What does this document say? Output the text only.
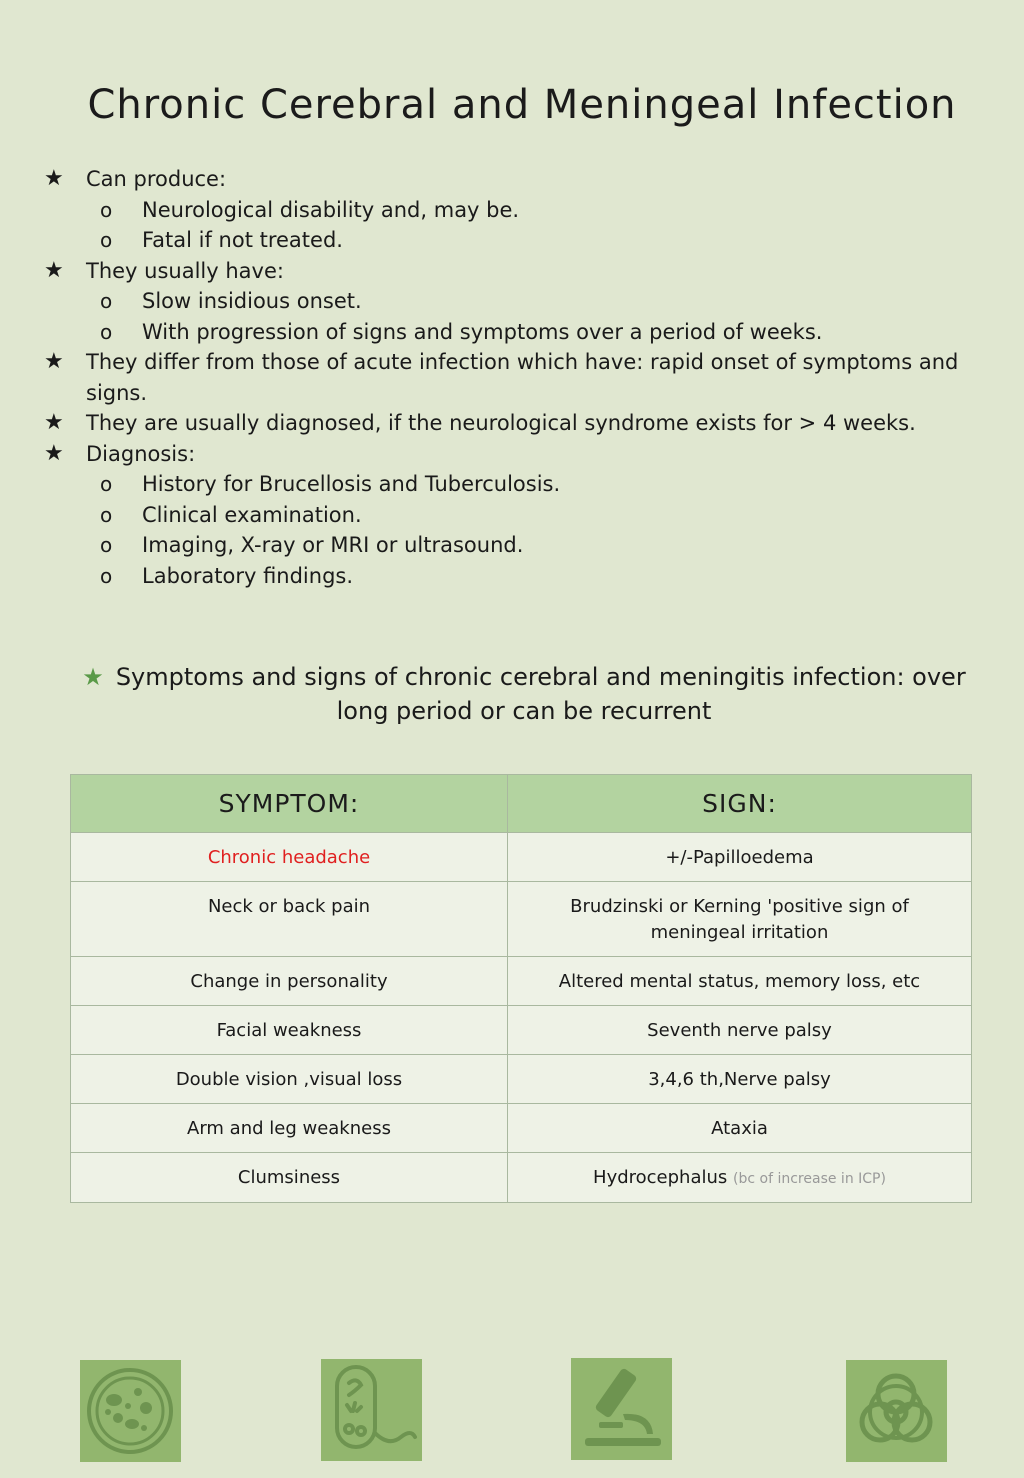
Chronic Cerebral and Meningeal Infection
★ Can produce:
o Neurological disability and, may be.
o Fatal if not treated.
★ They usually have:
o Slow insidious onset.
o With progression of signs and symptoms over a period of weeks.
★ They differ from those of acute infection which have: rapid onset of symptoms and signs.
★ They are usually diagnosed, if the neurological syndrome exists for > 4 weeks.
★ Diagnosis:
o History for Brucellosis and Tuberculosis.
o Clinical examination.
o Imaging, X-ray or MRI or ultrasound.
o Laboratory findings.
★ Symptoms and signs of chronic cerebral and meningitis infection: over long period or can be recurrent
SYMPTOM:	SIGN:
Chronic headache	+/-Papilloedema
Neck or back pain	Brudzinski or Kerning 'positive sign of meningeal irritation
Change in personality	Altered mental status, memory loss, etc
Facial weakness	Seventh nerve palsy
Double vision ,visual loss	3,4,6 th,Nerve palsy
Arm and leg weakness	Ataxia
Clumsiness	Hydrocephalus (bc of increase in ICP)
